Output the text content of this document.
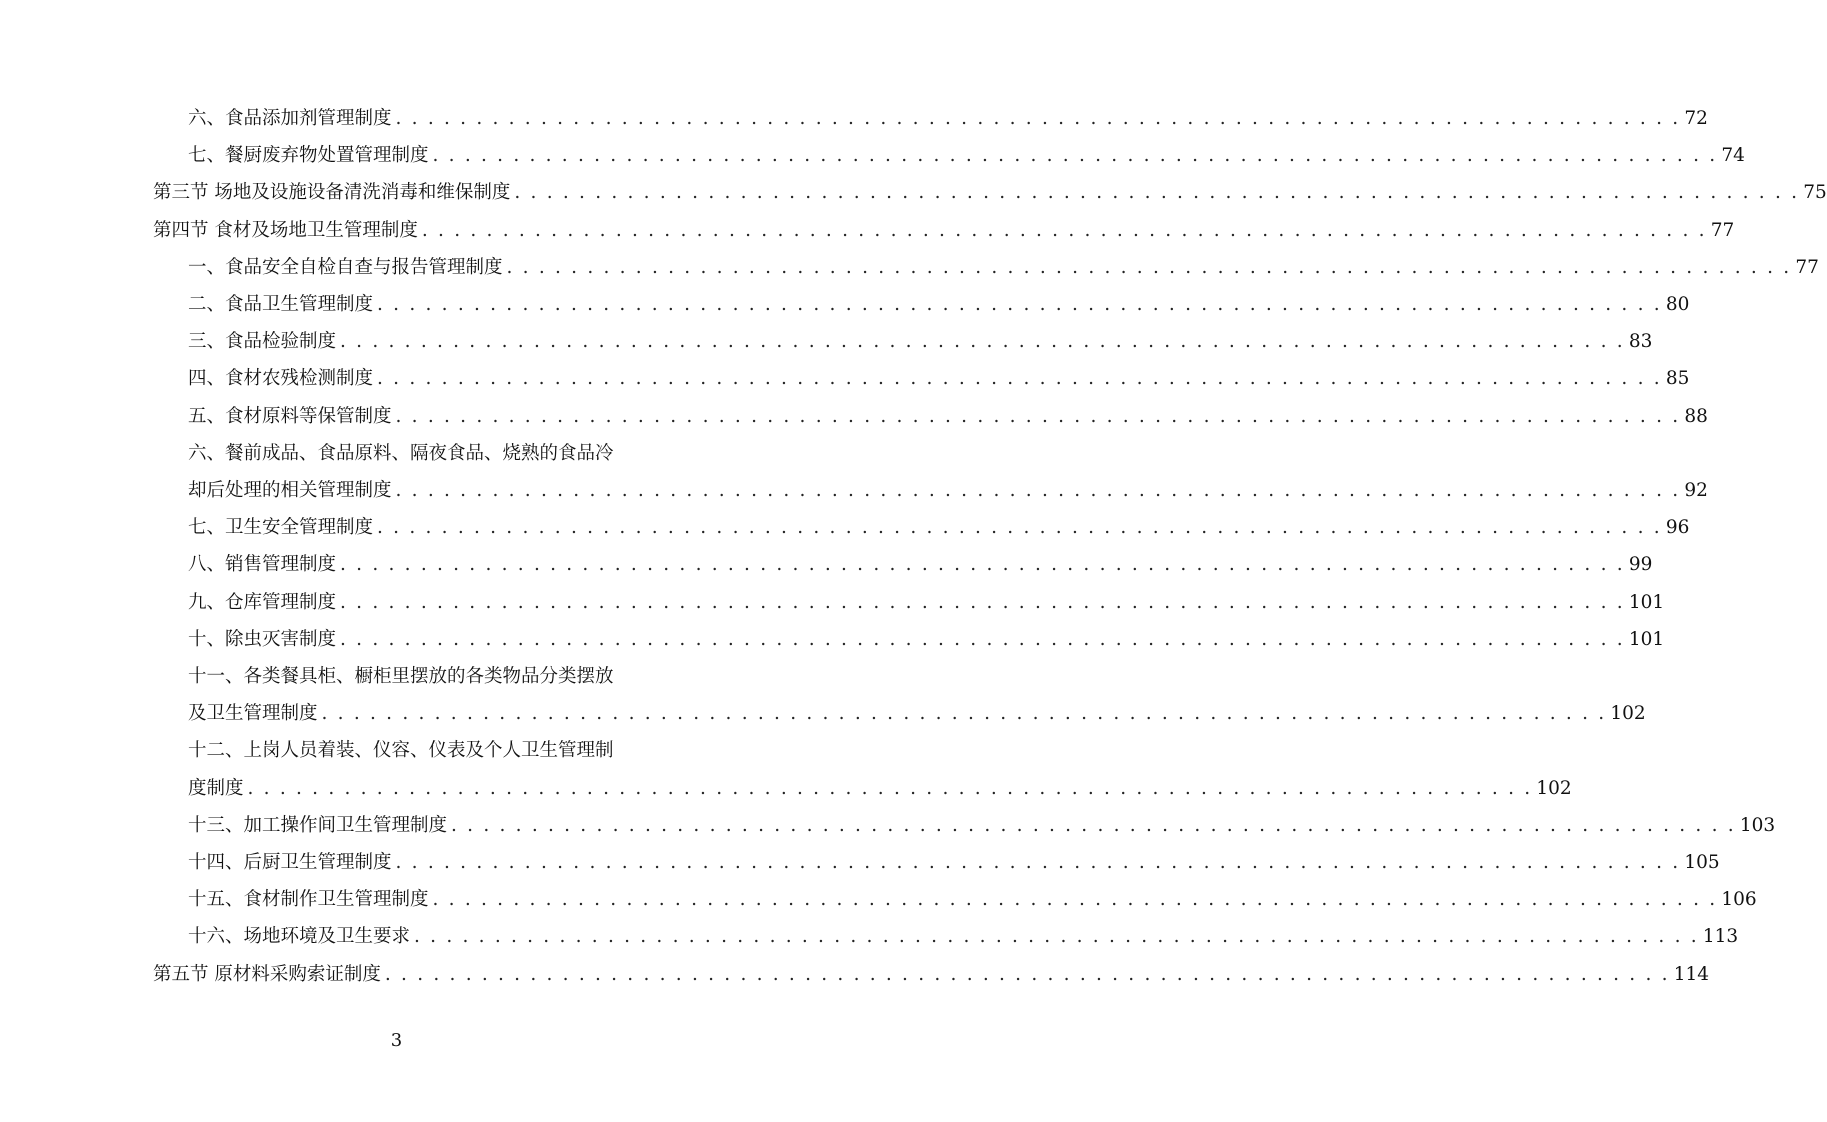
六、食品添加剂管理制度 . . . . . . . . . . . . . . . . . . . . . . . . . . . . . . . . . . . . . . . . . . . . . . . . . . . . . . . . . . . . . . . . . . . . . . . . . . . . . . . . 72
七、餐厨废弃物处置管理制度 . . . . . . . . . . . . . . . . . . . . . . . . . . . . . . . . . . . . . . . . . . . . . . . . . . . . . . . . . . . . . . . . . . . . . . . . . . . . . . . . 74
第三节 场地及设施设备清洗消毒和维保制度 . . . . . . . . . . . . . . . . . . . . . . . . . . . . . . . . . . . . . . . . . . . . . . . . . . . . . . . . . . . . . . . . . . . . . . . . . . . . . . . . 75
第四节 食材及场地卫生管理制度 . . . . . . . . . . . . . . . . . . . . . . . . . . . . . . . . . . . . . . . . . . . . . . . . . . . . . . . . . . . . . . . . . . . . . . . . . . . . . . . . 77
一、食品安全自检自查与报告管理制度 . . . . . . . . . . . . . . . . . . . . . . . . . . . . . . . . . . . . . . . . . . . . . . . . . . . . . . . . . . . . . . . . . . . . . . . . . . . . . . . . 77
二、食品卫生管理制度 . . . . . . . . . . . . . . . . . . . . . . . . . . . . . . . . . . . . . . . . . . . . . . . . . . . . . . . . . . . . . . . . . . . . . . . . . . . . . . . . 80
三、食品检验制度 . . . . . . . . . . . . . . . . . . . . . . . . . . . . . . . . . . . . . . . . . . . . . . . . . . . . . . . . . . . . . . . . . . . . . . . . . . . . . . . . 83
四、食材农残检测制度 . . . . . . . . . . . . . . . . . . . . . . . . . . . . . . . . . . . . . . . . . . . . . . . . . . . . . . . . . . . . . . . . . . . . . . . . . . . . . . . . 85
五、食材原料等保管制度 . . . . . . . . . . . . . . . . . . . . . . . . . . . . . . . . . . . . . . . . . . . . . . . . . . . . . . . . . . . . . . . . . . . . . . . . . . . . . . . . 88
六、餐前成品、食品原料、隔夜食品、烧熟的食品冷
却后处理的相关管理制度 . . . . . . . . . . . . . . . . . . . . . . . . . . . . . . . . . . . . . . . . . . . . . . . . . . . . . . . . . . . . . . . . . . . . . . . . . . . . . . . . 92
七、卫生安全管理制度 . . . . . . . . . . . . . . . . . . . . . . . . . . . . . . . . . . . . . . . . . . . . . . . . . . . . . . . . . . . . . . . . . . . . . . . . . . . . . . . . 96
八、销售管理制度 . . . . . . . . . . . . . . . . . . . . . . . . . . . . . . . . . . . . . . . . . . . . . . . . . . . . . . . . . . . . . . . . . . . . . . . . . . . . . . . . 99
九、仓库管理制度 . . . . . . . . . . . . . . . . . . . . . . . . . . . . . . . . . . . . . . . . . . . . . . . . . . . . . . . . . . . . . . . . . . . . . . . . . . . . . . . . 101
十、除虫灭害制度 . . . . . . . . . . . . . . . . . . . . . . . . . . . . . . . . . . . . . . . . . . . . . . . . . . . . . . . . . . . . . . . . . . . . . . . . . . . . . . . . 101
十一、各类餐具柜、橱柜里摆放的各类物品分类摆放
及卫生管理制度 . . . . . . . . . . . . . . . . . . . . . . . . . . . . . . . . . . . . . . . . . . . . . . . . . . . . . . . . . . . . . . . . . . . . . . . . . . . . . . . . 102
十二、上岗人员着装、仪容、仪表及个人卫生管理制
度制度 . . . . . . . . . . . . . . . . . . . . . . . . . . . . . . . . . . . . . . . . . . . . . . . . . . . . . . . . . . . . . . . . . . . . . . . . . . . . . . . . 102
十三、加工操作间卫生管理制度 . . . . . . . . . . . . . . . . . . . . . . . . . . . . . . . . . . . . . . . . . . . . . . . . . . . . . . . . . . . . . . . . . . . . . . . . . . . . . . . . 103
十四、后厨卫生管理制度 . . . . . . . . . . . . . . . . . . . . . . . . . . . . . . . . . . . . . . . . . . . . . . . . . . . . . . . . . . . . . . . . . . . . . . . . . . . . . . . . 105
十五、食材制作卫生管理制度 . . . . . . . . . . . . . . . . . . . . . . . . . . . . . . . . . . . . . . . . . . . . . . . . . . . . . . . . . . . . . . . . . . . . . . . . . . . . . . . . 106
十六、场地环境及卫生要求 . . . . . . . . . . . . . . . . . . . . . . . . . . . . . . . . . . . . . . . . . . . . . . . . . . . . . . . . . . . . . . . . . . . . . . . . . . . . . . . . 113
第五节 原材料采购索证制度 . . . . . . . . . . . . . . . . . . . . . . . . . . . . . . . . . . . . . . . . . . . . . . . . . . . . . . . . . . . . . . . . . . . . . . . . . . . . . . . . 114
3
